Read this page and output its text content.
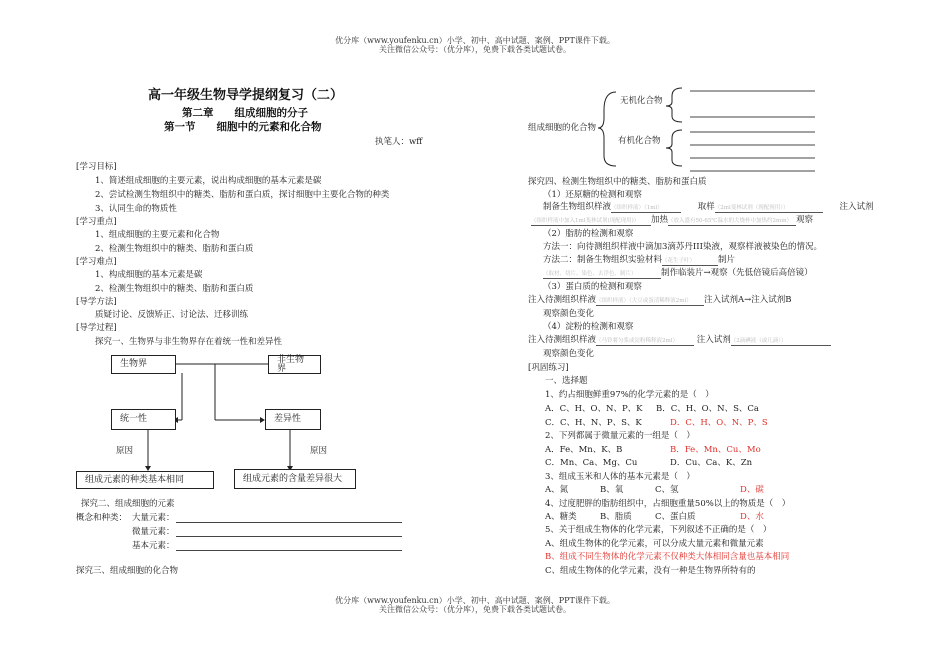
优分库（www.youfenku.cn）小学、初中、高中试题、案例、PPT课件下载。
关注微信公众号：（优分库），免费下载各类试题试卷。
优分库（www.youfenku.cn）小学、初中、高中试题、案例、PPT课件下载。
关注微信公众号：（优分库），免费下载各类试题试卷。
高一年级生物导学提纲复习（二）
第二章　　组成细胞的分子
第一节　　细胞中的元素和化合物
执笔人：wff
[学习目标]
1、简述组成细胞的主要元素，说出构成细胞的基本元素是碳
2、尝试检测生物组织中的糖类、脂肪和蛋白质，探讨细胞中主要化合物的种类
3、认同生命的物质性
[学习重点]
1、组成细胞的主要元素和化合物
2、检测生物组织中的糖类、脂肪和蛋白质
[学习难点]
1、构成细胞的基本元素是碳
2、检测生物组织中的糖类、脂肪和蛋白质
[导学方法]
质疑讨论、反馈矫正、讨论法、迁移训练
[导学过程]
探究一、生物界与非生物界存在着统一性和差异性
生物界	非生物界
统一性	差异性
原因	原因
组成元素的种类基本相同	组成元素的含量差异很大
探究二、组成细胞的元素
概念和种类： 大量元素：
微量元素：
基本元素：
探究三、组成细胞的化合物
组成细胞的化合物
无机化合物
有机化合物
探究四、检测生物组织中的糖类、脂肪和蛋白质
（1）还原糖的检测和观察
制备生物组织样液（组织样液）（1ml）	取样（2ml斐林试剂（现配现用））	注入试剂
（组织样液中加入1ml斐林试剂(现配现用)） 加热（放入盛有50-65℃温水的大烧杯中加热约2min） 观察
（2）脂肪的检测和观察
方法一：向待测组织样液中滴加3滴苏丹III染液，观察样液被染色的情况。
方法二：制备生物组织实验材料（花生子叶）	制片
（取材、切片、染色、去浮色、制片）	制作临装片→观察（先低倍镜后高倍镜）
（3）蛋白质的检测和观察
注入待测组织样液（组织样液）（大豆或蛋清稀释液2ml） 注入试剂A→注入试剂B
观察颜色变化
（4）淀粉的检测和观察
注入待测组织样液（马铃薯匀浆或淀粉稀释液2ml） 注入试剂（2滴碘液（或几滴））
观察颜色变化
[巩固练习]
一、选择题
1、约占细胞鲜重97%的化学元素的是（　）
A．C、H、O、N、P、K B．C、H、O、N、S、Ca
C．C、H、N、P、S、K	D．C、H、O、N、P、S
2、下列都属于微量元素的一组是（　）
A．Fe、Mn、K、B	B．Fe、Mn、Cu、Mo
C．Mn、Ca、Mg、Cu	D．Cu、Ca、K、Zn
3、组成玉米和人体的基本元素是（　）
A、氮	B、氧	C、氢	D、碳
4、过度肥胖的脂肪组织中，占细胞重量50%以上的物质是（　）
A、糖类	B、脂质	C、蛋白质	D、水
5、关于组成生物体的化学元素，下列叙述不正确的是（　）
A、组成生物体的化学元素，可以分成大量元素和微量元素
B、组成不同生物体的化学元素不仅种类大体相同含量也基本相同
C、组成生物体的化学元素，没有一种是生物界所特有的
